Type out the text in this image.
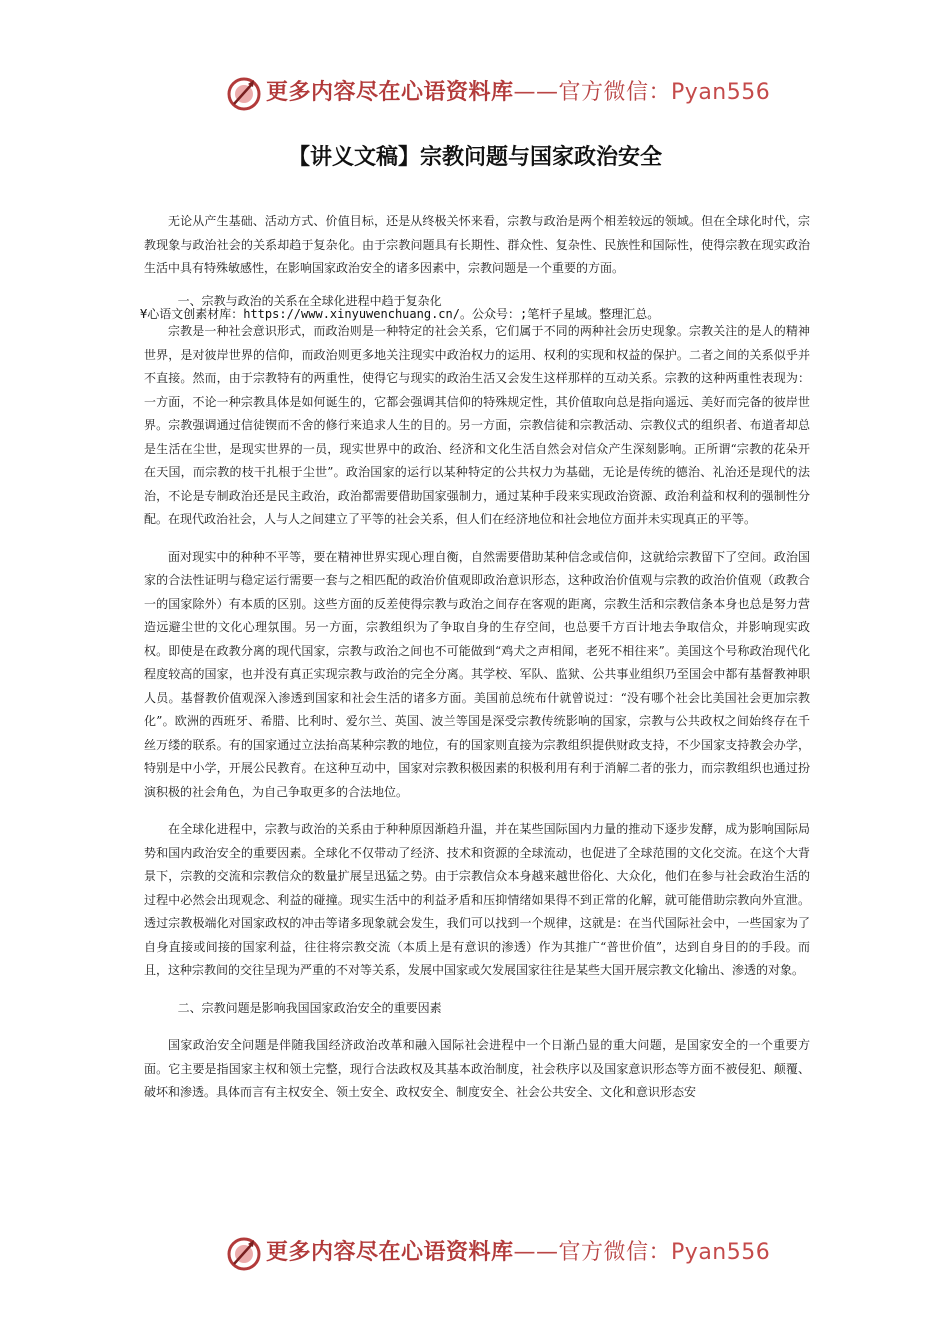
更多内容尽在心语资料库——官方微信：Pyan556
【讲义文稿】宗教问题与国家政治安全

无论从产生基础、活动方式、价值目标，还是从终极关怀来看，宗教与政治是两个相差较远的领域。但在全球化时代，宗教现象与政治社会的关系却趋于复杂化。由于宗教问题具有长期性、群众性、复杂性、民族性和国际性，使得宗教在现实政治生活中具有特殊敏感性，在影响国家政治安全的诸多因素中，宗教问题是一个重要的方面。

一、宗教与政治的关系在全球化进程中趋于复杂化

¥心语文创素材库：https://www.xinyuwenchuang.cn/。公众号：;笔杆子星域。整理汇总。

宗教是一种社会意识形式，而政治则是一种特定的社会关系，它们属于不同的两种社会历史现象。宗教关注的是人的精神世界，是对彼岸世界的信仰，而政治则更多地关注现实中政治权力的运用、权利的实现和权益的保护。二者之间的关系似乎并不直接。然而，由于宗教特有的两重性，使得它与现实的政治生活又会发生这样那样的互动关系。宗教的这种两重性表现为：一方面，不论一种宗教具体是如何诞生的，它都会强调其信仰的特殊规定性，其价值取向总是指向遥远、美好而完备的彼岸世界。宗教强调通过信徒锲而不舍的修行来追求人生的目的。另一方面，宗教信徒和宗教活动、宗教仪式的组织者、布道者却总是生活在尘世，是现实世界的一员，现实世界中的政治、经济和文化生活自然会对信众产生深刻影响。正所谓“宗教的花朵开在天国，而宗教的枝干扎根于尘世”。政治国家的运行以某种特定的公共权力为基础，无论是传统的德治、礼治还是现代的法治，不论是专制政治还是民主政治，政治都需要借助国家强制力，通过某种手段来实现政治资源、政治利益和权利的强制性分配。在现代政治社会，人与人之间建立了平等的社会关系，但人们在经济地位和社会地位方面并未实现真正的平等。

面对现实中的种种不平等，要在精神世界实现心理自衡，自然需要借助某种信念或信仰，这就给宗教留下了空间。政治国家的合法性证明与稳定运行需要一套与之相匹配的政治价值观即政治意识形态，这种政治价值观与宗教的政治价值观（政教合一的国家除外）有本质的区别。这些方面的反差使得宗教与政治之间存在客观的距离，宗教生活和宗教信条本身也总是努力营造远避尘世的文化心理氛围。另一方面，宗教组织为了争取自身的生存空间，也总要千方百计地去争取信众，并影响现实政权。即使是在政教分离的现代国家，宗教与政治之间也不可能做到“鸡犬之声相闻，老死不相往来”。美国这个号称政治现代化程度较高的国家，也并没有真正实现宗教与政治的完全分离。其学校、军队、监狱、公共事业组织乃至国会中都有基督教神职人员。基督教价值观深入渗透到国家和社会生活的诸多方面。美国前总统布什就曾说过：“没有哪个社会比美国社会更加宗教化”。欧洲的西班牙、希腊、比利时、爱尔兰、英国、波兰等国是深受宗教传统影响的国家，宗教与公共政权之间始终存在千丝万缕的联系。有的国家通过立法抬高某种宗教的地位，有的国家则直接为宗教组织提供财政支持，不少国家支持教会办学，特别是中小学，开展公民教育。在这种互动中，国家对宗教积极因素的积极利用有利于消解二者的张力，而宗教组织也通过扮演积极的社会角色，为自己争取更多的合法地位。

在全球化进程中，宗教与政治的关系由于种种原因渐趋升温，并在某些国际国内力量的推动下逐步发酵，成为影响国际局势和国内政治安全的重要因素。全球化不仅带动了经济、技术和资源的全球流动，也促进了全球范围的文化交流。在这个大背景下，宗教的交流和宗教信众的数量扩展呈迅猛之势。由于宗教信众本身越来越世俗化、大众化，他们在参与社会政治生活的过程中必然会出现观念、利益的碰撞。现实生活中的利益矛盾和压抑情绪如果得不到正常的化解，就可能借助宗教向外宣泄。透过宗教极端化对国家政权的冲击等诸多现象就会发生，我们可以找到一个规律，这就是：在当代国际社会中，一些国家为了自身直接或间接的国家利益，往往将宗教交流（本质上是有意识的渗透）作为其推广“普世价值”，达到自身目的的手段。而且，这种宗教间的交往呈现为严重的不对等关系，发展中国家或欠发展国家往往是某些大国开展宗教文化输出、渗透的对象。

二、宗教问题是影响我国国家政治安全的重要因素

国家政治安全问题是伴随我国经济政治改革和融入国际社会进程中一个日渐凸显的重大问题，是国家安全的一个重要方面。它主要是指国家主权和领土完整，现行合法政权及其基本政治制度，社会秩序以及国家意识形态等方面不被侵犯、颠覆、破坏和渗透。具体而言有主权安全、领土安全、政权安全、制度安全、社会公共安全、文化和意识形态安

更多内容尽在心语资料库——官方微信：Pyan556
